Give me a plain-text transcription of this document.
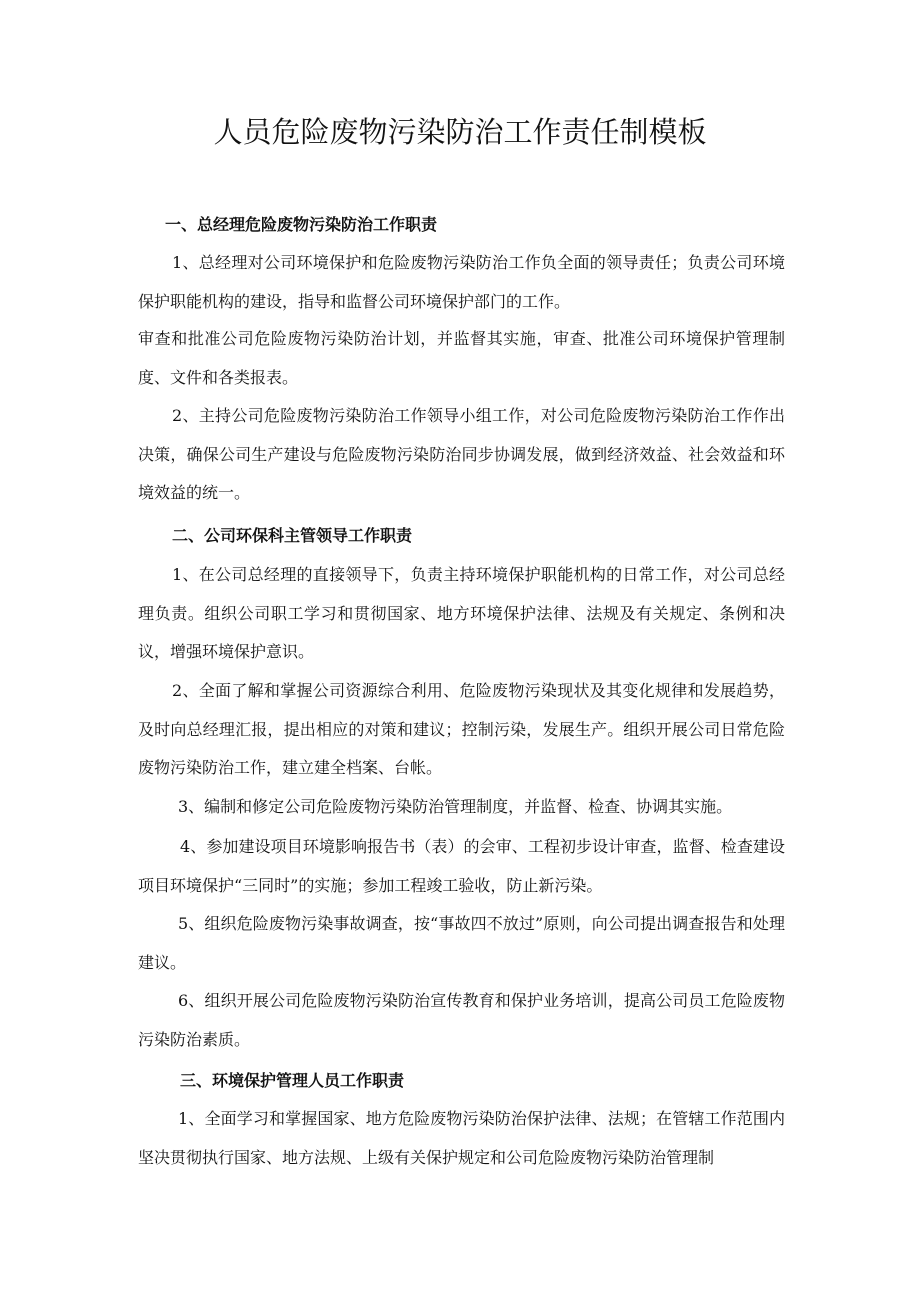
人员危险废物污染防治工作责任制模板
一、总经理危险废物污染防治工作职责
1、总经理对公司环境保护和危险废物污染防治工作负全面的领导责任；负责公司环境保护职能机构的建设，指导和监督公司环境保护部门的工作。
审查和批准公司危险废物污染防治计划，并监督其实施，审查、批准公司环境保护管理制度、文件和各类报表。
2、主持公司危险废物污染防治工作领导小组工作，对公司危险废物污染防治工作作出决策，确保公司生产建设与危险废物污染防治同步协调发展，做到经济效益、社会效益和环境效益的统一。
二、公司环保科主管领导工作职责
1、在公司总经理的直接领导下，负责主持环境保护职能机构的日常工作，对公司总经理负责。组织公司职工学习和贯彻国家、地方环境保护法律、法规及有关规定、条例和决议，增强环境保护意识。
2、全面了解和掌握公司资源综合利用、危险废物污染现状及其变化规律和发展趋势，及时向总经理汇报，提出相应的对策和建议；控制污染，发展生产。组织开展公司日常危险废物污染防治工作，建立建全档案、台帐。
3、编制和修定公司危险废物污染防治管理制度，并监督、检查、协调其实施。
4、参加建设项目环境影响报告书（表）的会审、工程初步设计审查，监督、检查建设项目环境保护“三同时”的实施；参加工程竣工验收，防止新污染。
5、组织危险废物污染事故调查，按“事故四不放过”原则，向公司提出调查报告和处理建议。
6、组织开展公司危险废物污染防治宣传教育和保护业务培训，提高公司员工危险废物污染防治素质。
三、环境保护管理人员工作职责
1、全面学习和掌握国家、地方危险废物污染防治保护法律、法规；在管辖工作范围内坚决贯彻执行国家、地方法规、上级有关保护规定和公司危险废物污染防治管理制
